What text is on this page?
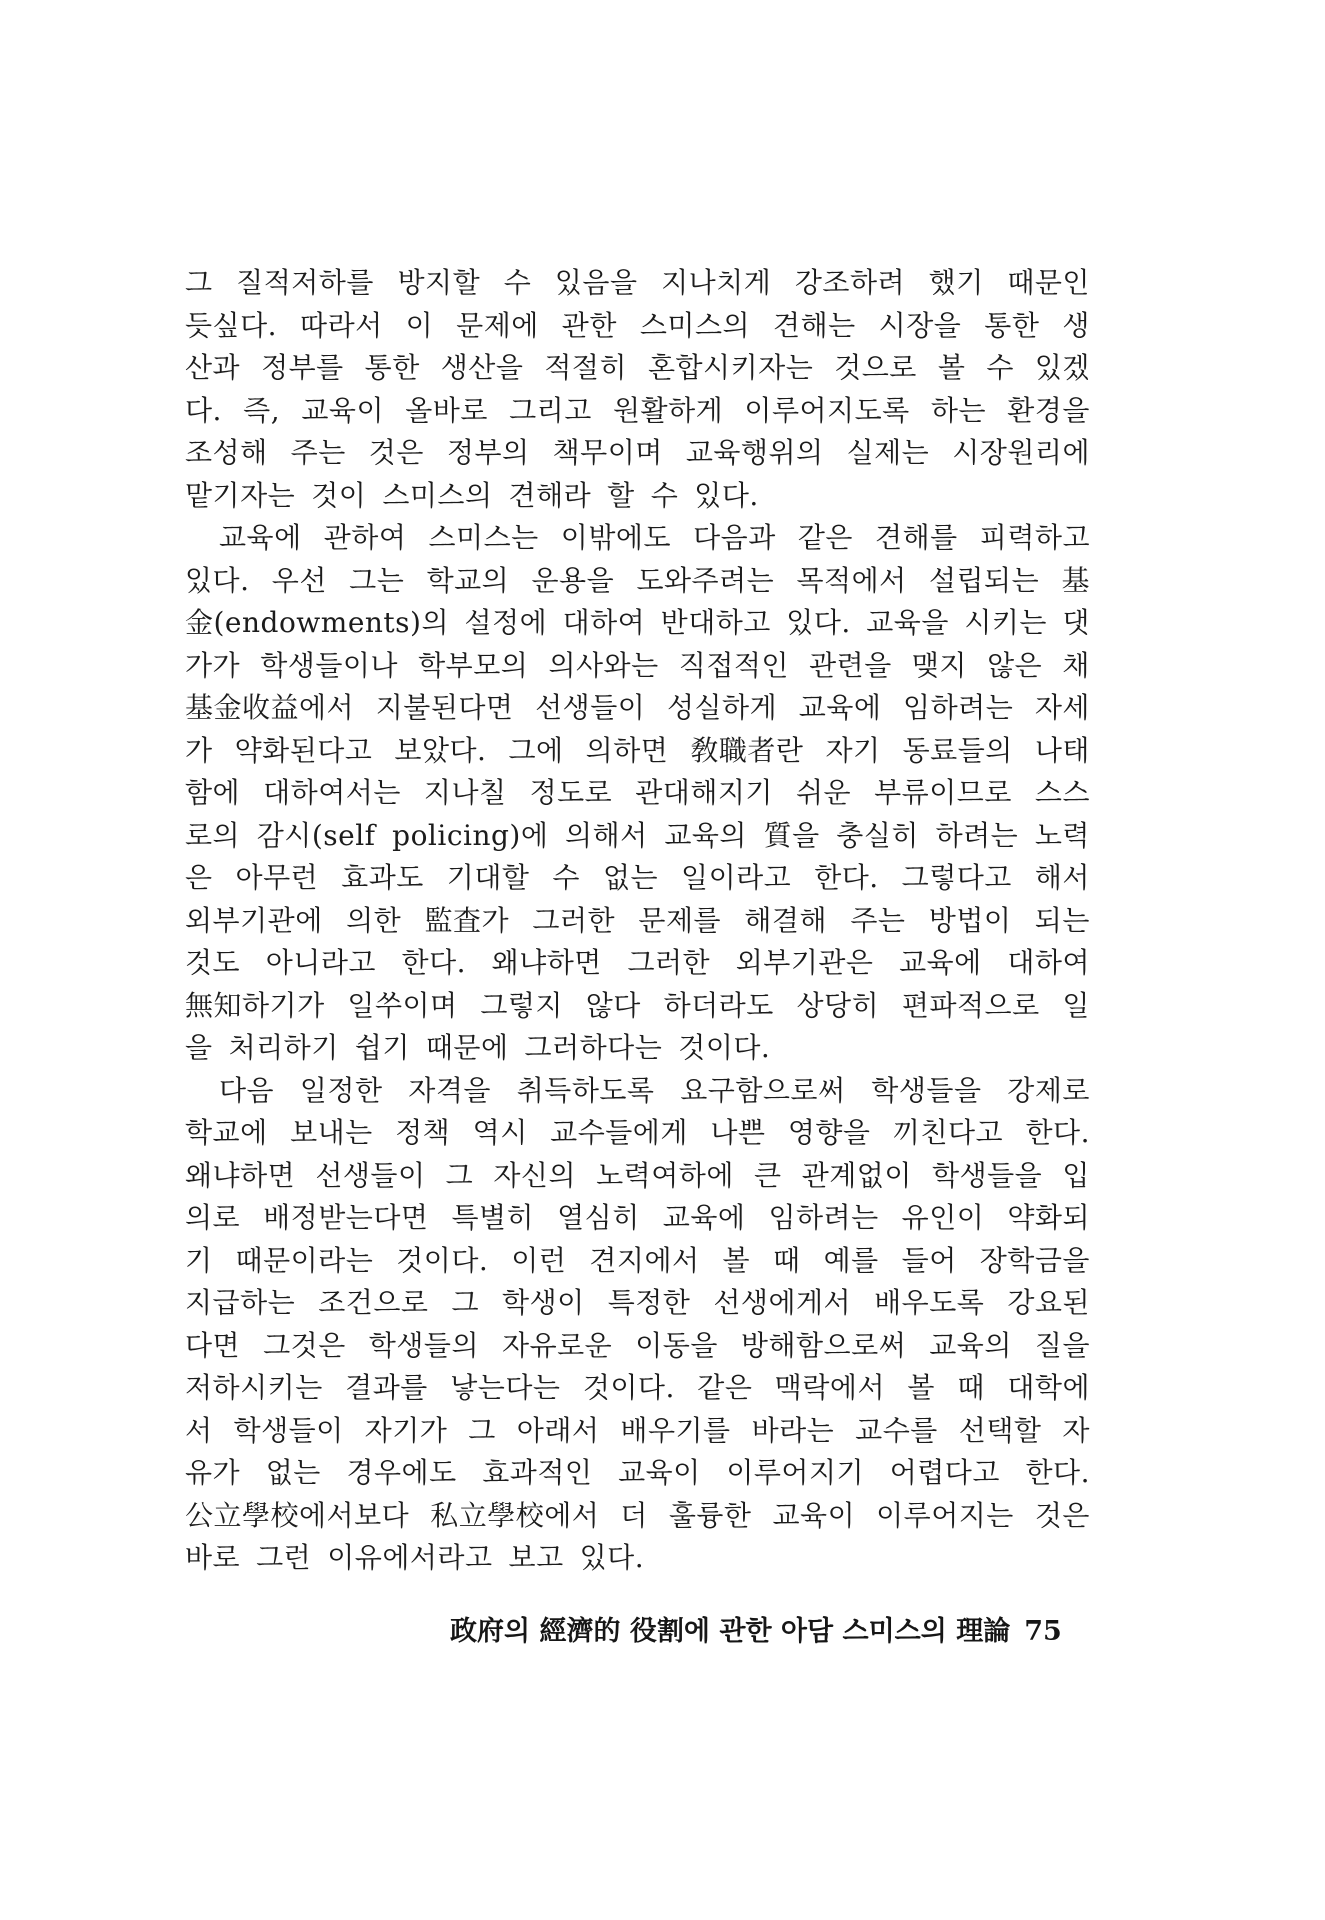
그 질적저하를 방지할 수 있음을 지나치게 강조하려 했기 때문인
듯싶다. 따라서 이 문제에 관한 스미스의 견해는 시장을 통한 생
산과 정부를 통한 생산을 적절히 혼합시키자는 것으로 볼 수 있겠
다. 즉, 교육이 올바로 그리고 원활하게 이루어지도록 하는 환경을
조성해 주는 것은 정부의 책무이며 교육행위의 실제는 시장원리에
맡기자는 것이 스미스의 견해라 할 수 있다.
교육에 관하여 스미스는 이밖에도 다음과 같은 견해를 피력하고
있다. 우선 그는 학교의 운용을 도와주려는 목적에서 설립되는 基
金(endowments)의 설정에 대하여 반대하고 있다. 교육을 시키는 댓
가가 학생들이나 학부모의 의사와는 직접적인 관련을 맺지 않은 채
基金收益에서 지불된다면 선생들이 성실하게 교육에 임하려는 자세
가 약화된다고 보았다. 그에 의하면 敎職者란 자기 동료들의 나태
함에 대하여서는 지나칠 정도로 관대해지기 쉬운 부류이므로 스스
로의 감시(self policing)에 의해서 교육의 質을 충실히 하려는 노력
은 아무런 효과도 기대할 수 없는 일이라고 한다. 그렇다고 해서
외부기관에 의한 監査가 그러한 문제를 해결해 주는 방법이 되는
것도 아니라고 한다. 왜냐하면 그러한 외부기관은 교육에 대하여
無知하기가 일쑤이며 그렇지 않다 하더라도 상당히 편파적으로 일
을 처리하기 쉽기 때문에 그러하다는 것이다.
다음 일정한 자격을 취득하도록 요구함으로써 학생들을 강제로
학교에 보내는 정책 역시 교수들에게 나쁜 영향을 끼친다고 한다.
왜냐하면 선생들이 그 자신의 노력여하에 큰 관계없이 학생들을 입
의로 배정받는다면 특별히 열심히 교육에 임하려는 유인이 약화되
기 때문이라는 것이다. 이런 견지에서 볼 때 예를 들어 장학금을
지급하는 조건으로 그 학생이 특정한 선생에게서 배우도록 강요된
다면 그것은 학생들의 자유로운 이동을 방해함으로써 교육의 질을
저하시키는 결과를 낳는다는 것이다. 같은 맥락에서 볼 때 대학에
서 학생들이 자기가 그 아래서 배우기를 바라는 교수를 선택할 자
유가 없는 경우에도 효과적인 교육이 이루어지기 어렵다고 한다.
公立學校에서보다 私立學校에서 더 훌륭한 교육이 이루어지는 것은
바로 그런 이유에서라고 보고 있다.
政府의 經濟的 役割에 관한 아담 스미스의 理論 75
